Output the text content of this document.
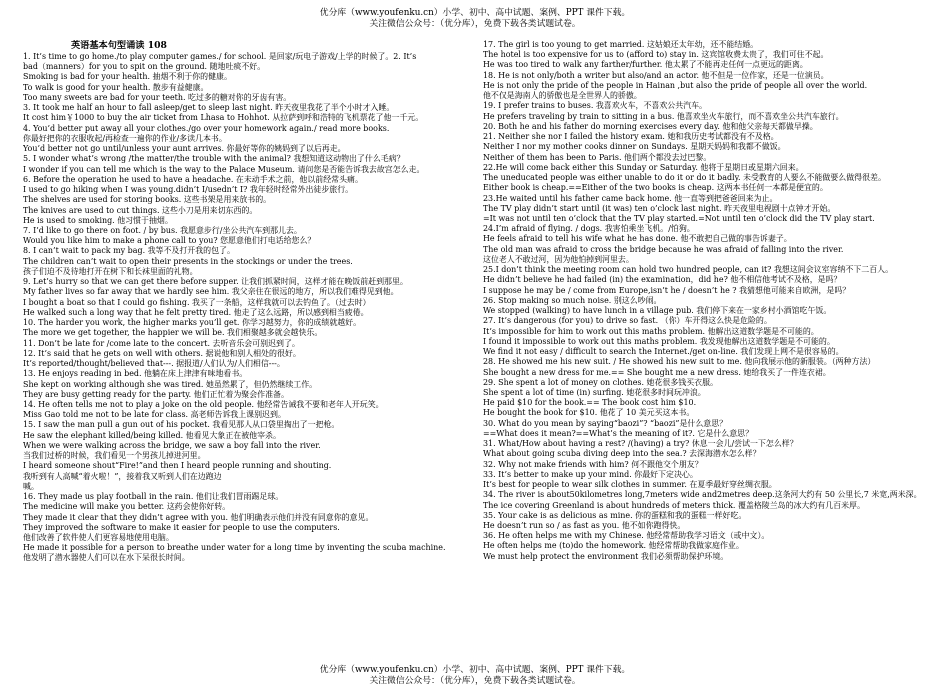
优分库（www.youfenku.cn）小学、初中、高中试题、案例、PPT 课件下载。
关注微信公众号：（优分库），免费下载各类试题试卷。
英语基本句型诵读 108
1. It’s time to go home./to play computer games./ for school. 是回家/玩电子游戏/上学的时候了。2. It’s
bad（manners）for you to spit on the ground. 随地吐痰不好。
Smoking is bad for your health. 抽烟不利于你的健康。
To walk is good for your health. 散步有益健康。
Too many sweets are bad for your teeth. 吃过多的糖对你的牙齿有害。
3. It took me half an hour to fall asleep/get to sleep last night. 昨天夜里我花了半个小时才入睡。
It cost him￥1000 to buy the air ticket from Lhasa to Hohhot. 从拉萨到呼和浩特的飞机票花了他一千元。
4. You’d better put away all your clothes./go over your homework again./ read more books.
你最好把你的衣服收起/再检查一遍你的作业/多读几本书。
You’d better not go until/unless your aunt arrives. 你最好等你的姨妈到了以后再走。
5. I wonder what’s wrong /the matter/the trouble with the animal? 我想知道这动物出了什么毛病？
I wonder if you can tell me which is the way to the Palace Museum. 请问您是否能告诉我去故宫怎么走。
6. Before the operation he used to have a headache. 在未动手术之前，他以前经常头痛。
I used to go hiking when I was young.didn’t I/usedn’t I? 我年轻时经常外出徒步旅行。
The shelves are used for storing books. 这些书架是用来放书的。
The knives are used to cut things. 这些小刀是用来切东西的。
He is used to smoking. 他习惯于抽烟。
7. I’d like to go there on foot. / by bus. 我愿意步行/坐公共汽车到那儿去。
Would you like him to make a phone call to you? 您愿意他们打电话给您么？
8. I can’t wait to pack my bag. 我等不及打开我的包了。
The children can’t wait to open their presents in the stockings or under the trees.
孩子们迫不及待地打开在树下和长袜里面的礼物。
9. Let’s hurry so that we can get there before supper. 让我们抓紧时间，这样才能在晚饭前赶到那里。
My father lives so far away that we hardly see him. 我父亲住在很远的地方，所以我们难得见到他。
I bought a boat so that I could go fishing. 我买了一条船，这样我就可以去钓鱼了。（过去时）
He walked such a long way that he felt pretty tired. 他走了这么远路，所以感到相当疲倦。
10. The harder you work, the higher marks you’ll get. 你学习越努力，你的成绩就越好。
The more we get together, the happier we will be. 我们相聚越多就会越快乐。
11. Don’t be late for /come late to the concert. 去听音乐会可别迟到了。
12. It’s said that he gets on well with others. 据说他和别人相处的很好。
It’s reported/thought/believed that---. 据报道/人们认为/人们相信---。
13. He enjoys reading in bed. 他躺在床上津津有味地看书。
She kept on working although she was tired. 她虽然累了，但仍然继续工作。
They are busy getting ready for the party. 他们正忙着为聚会作准备。
14. He often tells me not to play a joke on the old people. 他经常告诫我不要和老年人开玩笑。
Miss Gao told me not to be late for class. 高老师告诉我上课别迟到。
15. I saw the man pull a gun out of his pocket. 我看见那人从口袋里掏出了一把枪。
He saw the elephant killed/being killed. 他看见大象正在被他宰杀。
When we were walking across the bridge, we saw a boy fall into the river.
当我们过桥的时候，我们看见一个男孩儿掉进河里。
I heard someone shout“Fire!”and then I heard people running and shouting.
我听到有人高喊“着火啦！”，接着我又听到人们在边跑边
喊。
16. They made us play football in the rain. 他们让我们冒雨踢足球。
The medicine will make you better. 这药会使你好转。
They made it clear that they didn’t agree with you. 他们明确表示他们并没有同意你的意见。
They improved the software to make it easier for people to use the computers.
他们改善了软件使人们更容易地使用电脑。
He made it possible for a person to breathe under water for a long time by inventing the scuba machine.
他发明了潜水器使人们可以在水下呆很长时间。
17. The girl is too young to get married. 这姑娘还太年幼，还不能结婚。
The hotel is too expensive for us to (afford to) stay in. 这宾馆收费太贵了，我们可住不起。
He was too tired to walk any farther/further. 他太累了不能再走任何一点更远的距离。
18. He is not only/both a writer but also/and an actor. 他不但是一位作家，还是一位演员。
He is not only the pride of the people in Hainan ,but also the pride of people all over the world.
他不仅是海南人的骄傲也是全世界人的骄傲。
19. I prefer trains to buses. 我喜欢火车，不喜欢公共汽车。
He prefers traveling by train to sitting in a bus. 他喜欢坐火车旅行，而不喜欢坐公共汽车旅行。
20. Both he and his father do morning exercises every day. 他和他父亲每天都做早操。
21. Neither she nor I failed the history exam. 她和我历史考试都没有不及格。
Neither I nor my mother cooks dinner on Sundays. 星期天妈妈和我都不做饭。
Neither of them has been to Paris. 他们两个都没去过巴黎。
22.He will come back either this Sunday or Saturday. 他将于星期日或星期六回来。
The uneducated people was either unable to do it or do it badly. 未受教育的人要么不能做要么做得很差。
Either book is cheap.==Either of the two books is cheap. 这两本书任何一本都是便宜的。
23.He waited until his father came back home. 他一直等到把爸爸回来为止。
The TV play didn’t start until (it was) ten o’clock last night. 昨天夜里电视剧十点钟才开始。
=It was not until ten o’clock that the TV play started.=Not until ten o’clock did the TV play start.
24.I’m afraid of flying. / dogs. 我害怕乘坐飞机。/怕狗。
He feels afraid to tell his wife what he has done. 他不敢把自己做的事告诉妻子。
The old man was afraid to cross the bridge because he was afraid of falling into the river.
这位老人不敢过河，因为他怕掉到河里去。
25.I don’t think the meeting room can hold two hundred people, can it? 我想这间会议室容纳不下二百人。
He didn’t believe he had failed (in) the examination，did he? 他不相信他考试不及格，是吗？
I suppose he may be / come from Europe,isn’t he / doesn’t he ? 我猜想他可能来自欧洲，是吗？
26. Stop making so much noise. 别这么吵闹。
We stopped (walking) to have lunch in a village pub. 我们停下来在一家乡村小酒馆吃午饭。
27. It’s dangerous (for you) to drive so fast. （你）车开得这么快是危险的。
It’s impossible for him to work out this maths problem. 他解出这道数学题是不可能的。
I found it impossible to work out this maths problem. 我发现他解出这道数学题是不可能的。
We find it not easy / difficult to search the Internet./get on-line. 我们发现上网不是很容易的。
28. He showed me his new suit. / He showed his new suit to me. 他向我展示他的新服装。（两种方法）
She bought a new dress for me.== She bought me a new dress. 她给我买了一件连衣裙。
29. She spent a lot of money on clothes. 她花很多钱买衣服。
She spent a lot of time (in) surfing. 她花很多时间玩冲浪。
He paid $10 for the book.== The book cost him $10.
He bought the book for $10. 他花了 10 美元买这本书。
30. What do you mean by saying“baozi”? “baozi”是什么意思？
==What does it mean?==What’s the meaning of it?. 它是什么意思？
31. What/How about having a rest? /(having) a try? 休息一会儿/尝试一下怎么样？
What about going scuba diving deep into the sea.? 去深海潜水怎么样？
32. Why not make friends with him? 何不跟他交个朋友？
33. It’s better to make up your mind. 你最好下定决心。
It’s best for people to wear silk clothes in summer. 在夏季最好穿丝绸衣服。
34. The river is about50kilometres long,7meters wide and2metres deep.这条河大约有 50 公里长,7 米宽,两米深。
The ice covering Greenland is about hundreds of meters thick. 覆盖格陵兰岛的冰大约有几百米厚。
35. Your cake is as delicious as mine. 你的蛋糕和我的蛋糕一样好吃。
He doesn’t run so / as fast as you. 他不如你跑得快。
36. He often helps me with my Chinese. 他经常帮助我学习语文（或中文）。
He often helps me (to)do the homework. 他经常帮助我做家庭作业。
We must help protect the environment 我们必须帮助保护环境。
优分库（www.youfenku.cn）小学、初中、高中试题、案例、PPT 课件下载。
关注微信公众号：（优分库），免费下载各类试题试卷。
